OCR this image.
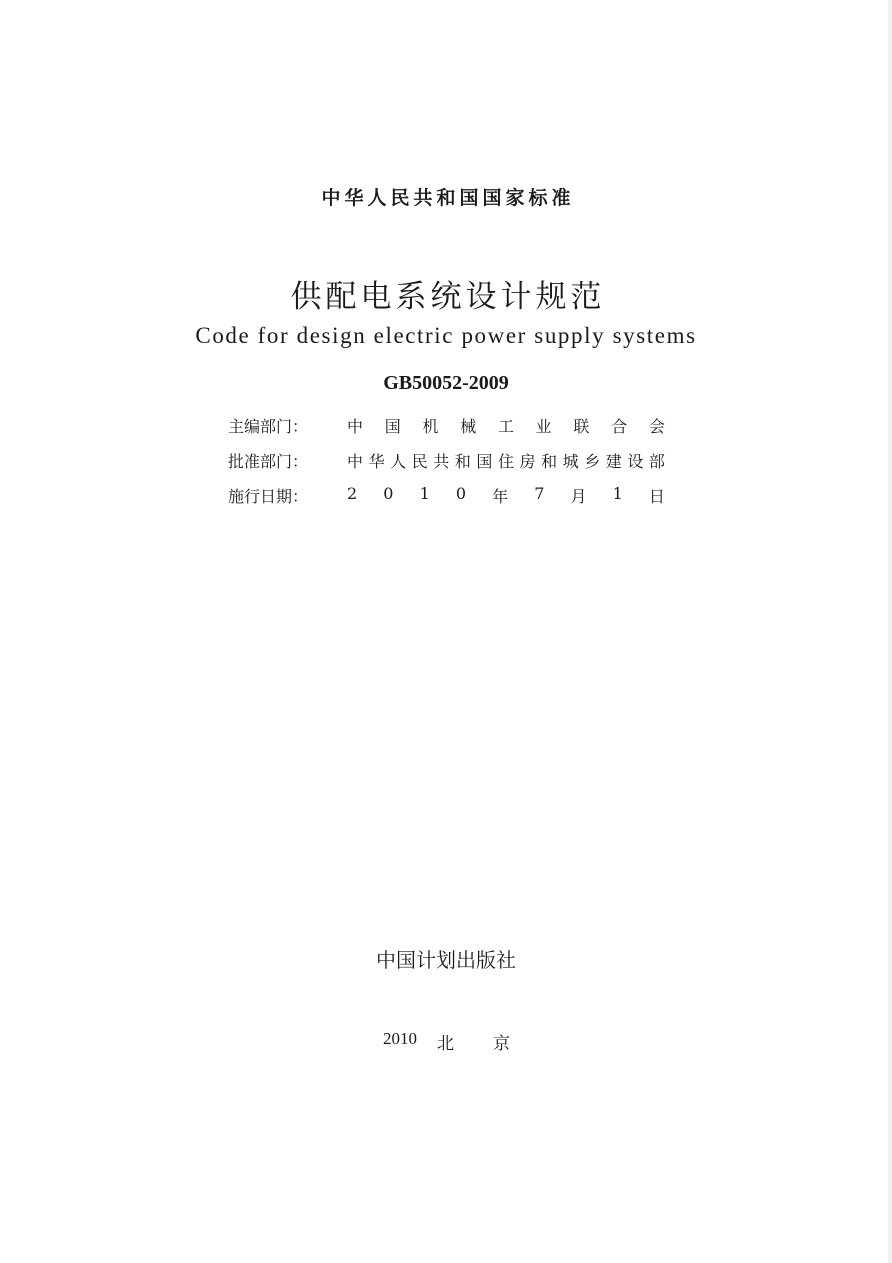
中华人民共和国国家标准
供配电系统设计规范
Code for design electric power supply systems
GB50052-2009
主编部门： 中 国 机 械 工 业 联 合 会
批准部门： 中 华 人 民 共 和 国 住 房 和 城 乡 建 设 部
施行日期： 2 0 1 0 年 7 月 1 日
中国计划出版社
2010 北 京
